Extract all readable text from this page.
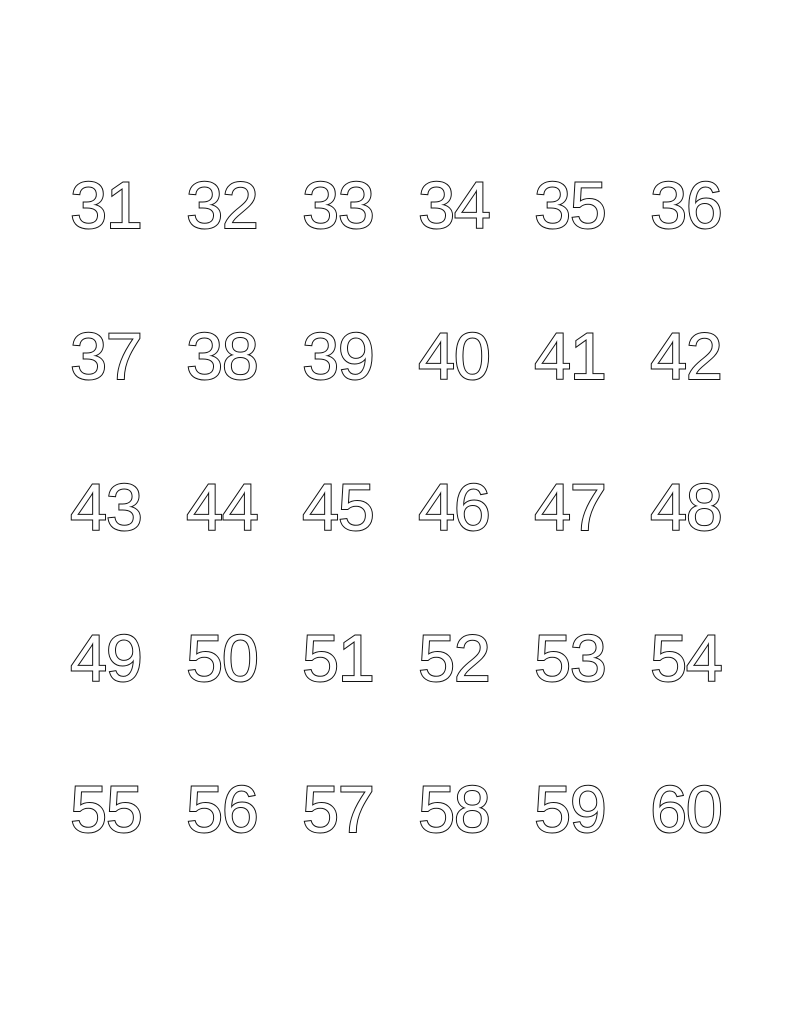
31 32 33 34 35 36
37 38 39 40 41 42
43 44 45 46 47 48
49 50 51 52 53 54
55 56 57 58 59 60
